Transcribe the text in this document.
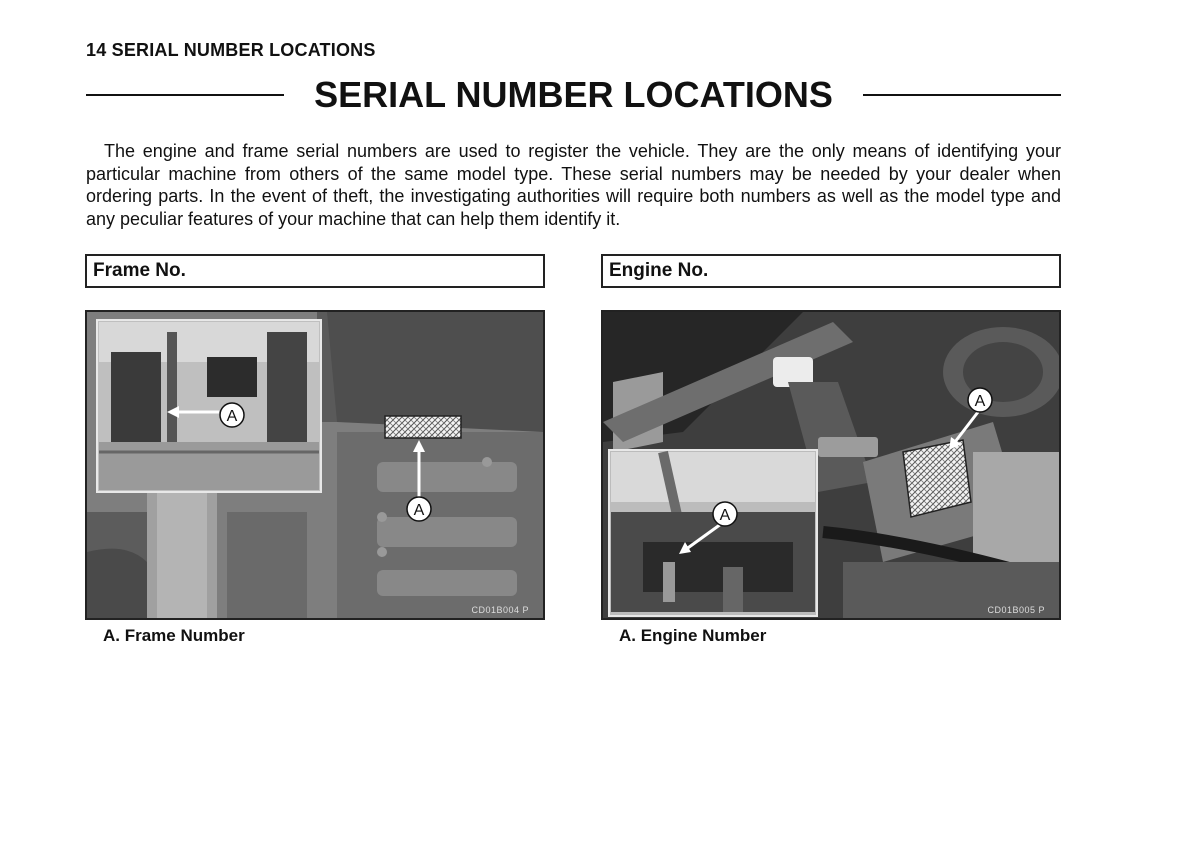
14 SERIAL NUMBER LOCATIONS
SERIAL NUMBER LOCATIONS

The engine and frame serial numbers are used to register the vehicle. They are the only means of identifying your particular machine from others of the same model type. These serial numbers may be needed by your dealer when ordering parts. In the event of theft, the investigating authorities will require both numbers as well as the model type and any peculiar features of your machine that can help them identify it.

Frame No.
A
A
CD01B004 P
A. Frame Number
Engine No.
A
A
CD01B005 P
A. Engine Number
